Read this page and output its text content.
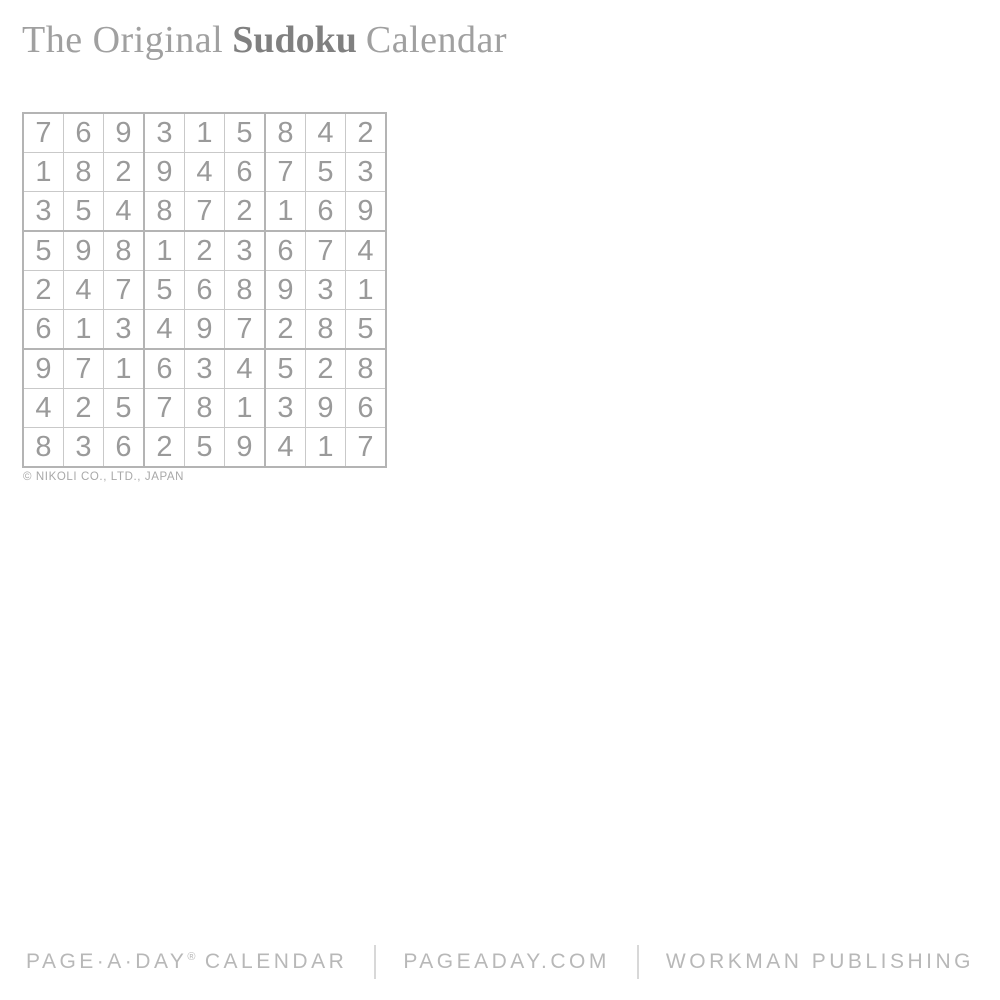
The Original Sudoku Calendar
7	6	9	3	1	5	8	4	2
1	8	2	9	4	6	7	5	3
3	5	4	8	7	2	1	6	9
5	9	8	1	2	3	6	7	4
2	4	7	5	6	8	9	3	1
6	1	3	4	9	7	2	8	5
9	7	1	6	3	4	5	2	8
4	2	5	7	8	1	3	9	6
8	3	6	2	5	9	4	1	7
© NIKOLI CO., LTD., JAPAN
PAGE·A·DAY® CALENDAR	PAGEADAY.COM	WORKMAN PUBLISHING
